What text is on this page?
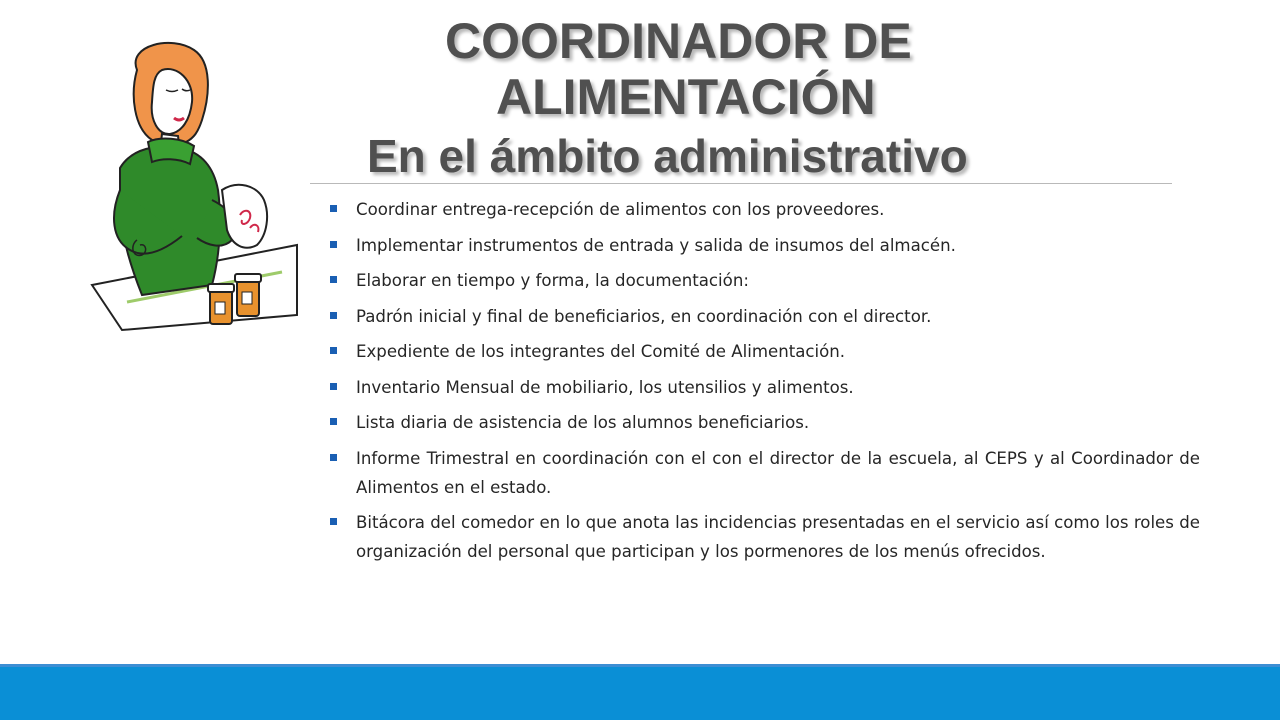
COORDINADOR DE
ALIMENTACIÓN
En el ámbito administrativo
Coordinar entrega-recepción de alimentos con los proveedores.
Implementar instrumentos de entrada y salida de insumos del almacén.
Elaborar en tiempo y forma, la documentación:
Padrón inicial y final de beneficiarios, en coordinación con el director.
Expediente de los integrantes del Comité de Alimentación.
Inventario Mensual de mobiliario, los utensilios y alimentos.
Lista diaria de asistencia de los alumnos beneficiarios.
Informe Trimestral en coordinación con el con el director de la escuela, al CEPS y al Coordinador de Alimentos en el estado.
Bitácora del comedor en lo que anota las incidencias presentadas en el servicio así como los roles de organización del personal que participan y los pormenores de los menús ofrecidos.
